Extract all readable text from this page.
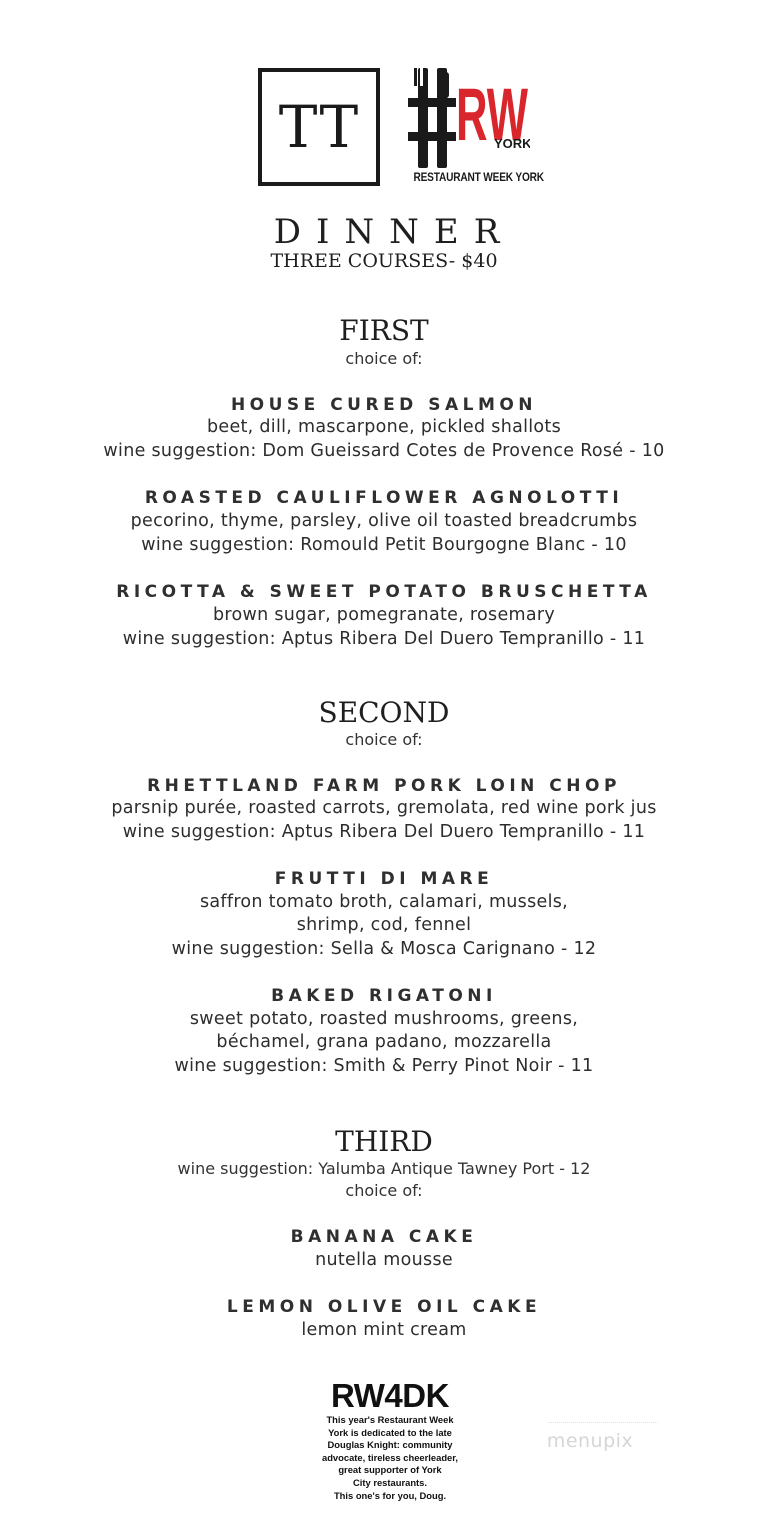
TT RW
YORK
RESTAURANT WEEK YORK
DINNER
THREE COURSES- $40
FIRST
choice of:
HOUSE CURED SALMON
beet, dill, mascarpone, pickled shallots
wine suggestion: Dom Gueissard Cotes de Provence Rosé - 10
ROASTED CAULIFLOWER AGNOLOTTI
pecorino, thyme, parsley, olive oil toasted breadcrumbs
wine suggestion: Romould Petit Bourgogne Blanc - 10
RICOTTA & SWEET POTATO BRUSCHETTA
brown sugar, pomegranate, rosemary
wine suggestion: Aptus Ribera Del Duero Tempranillo - 11
SECOND
choice of:
RHETTLAND FARM PORK LOIN CHOP
parsnip purée, roasted carrots, gremolata, red wine pork jus
wine suggestion: Aptus Ribera Del Duero Tempranillo - 11
FRUTTI DI MARE
saffron tomato broth, calamari, mussels,
shrimp, cod, fennel
wine suggestion: Sella & Mosca Carignano - 12
BAKED RIGATONI
sweet potato, roasted mushrooms, greens,
béchamel, grana padano, mozzarella
wine suggestion: Smith & Perry Pinot Noir - 11
THIRD
wine suggestion: Yalumba Antique Tawney Port - 12
choice of:
BANANA CAKE
nutella mousse
LEMON OLIVE OIL CAKE
lemon mint cream
RW4DK
This year's Restaurant Week
York is dedicated to the late
Douglas Knight: community
advocate, tireless cheerleader,
great supporter of York
City restaurants.
This one's for you, Doug.
menupix
